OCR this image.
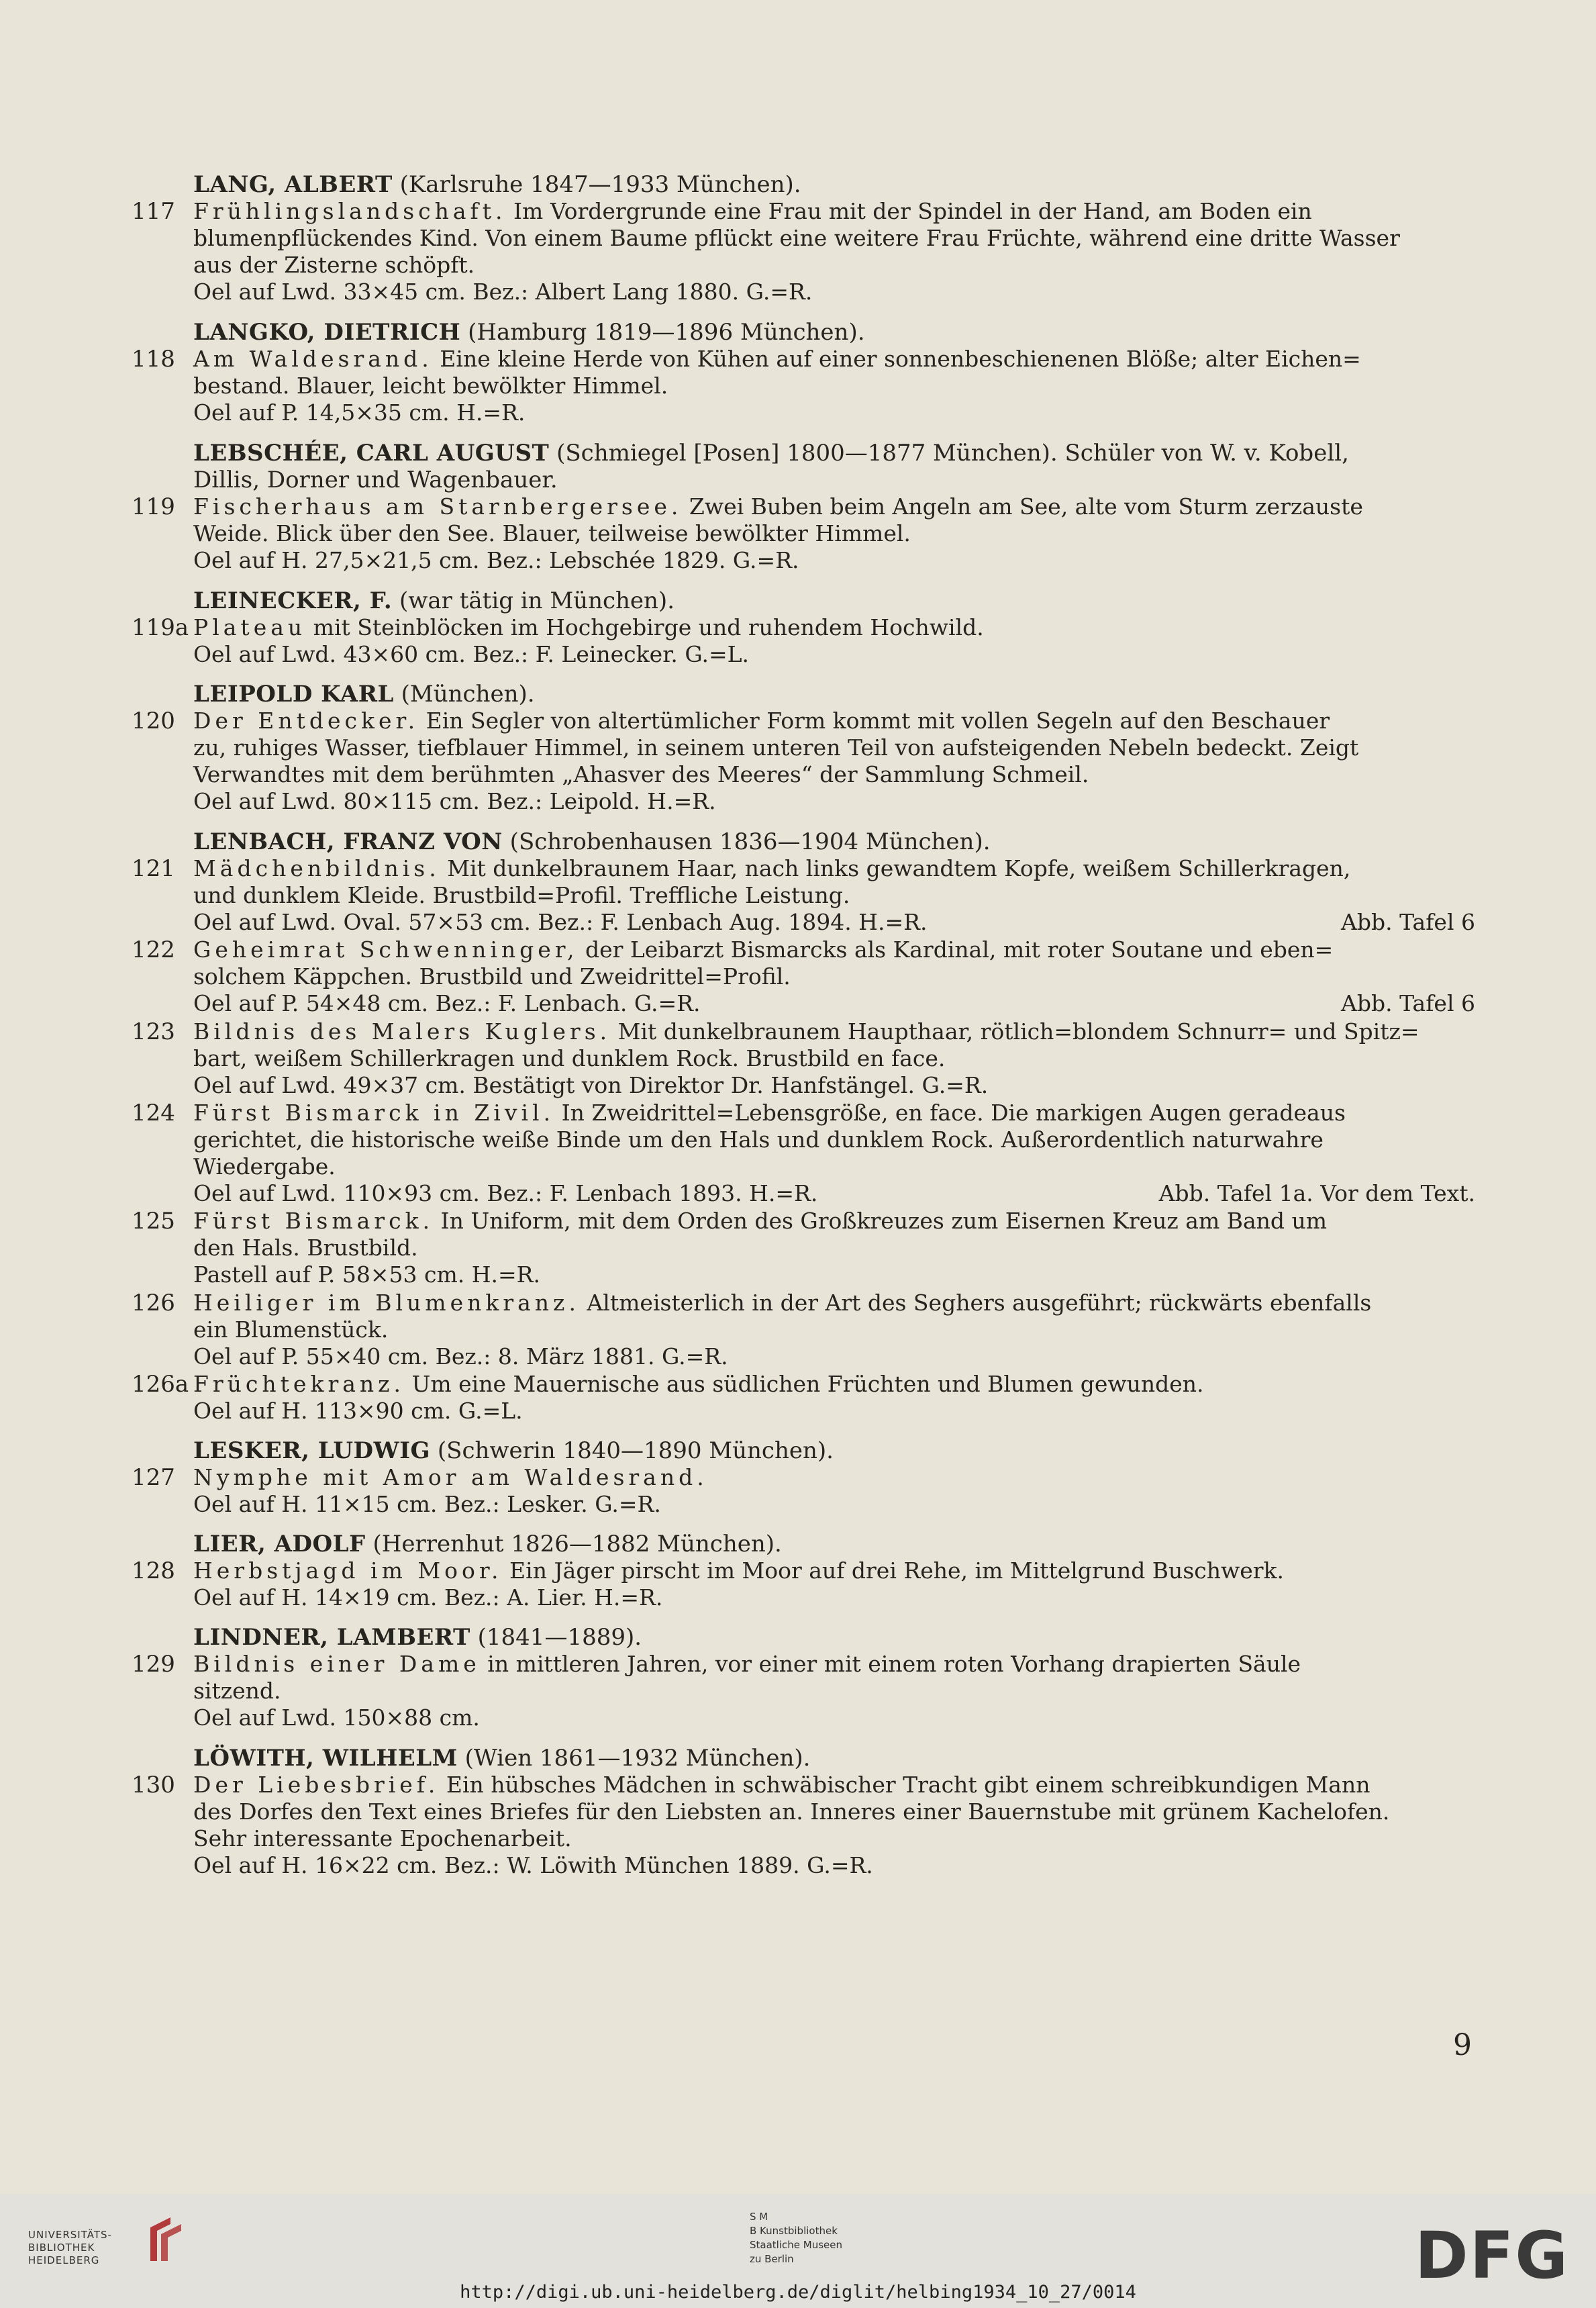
LANG, ALBERT (Karlsruhe 1847—1933 München).
117 Frühlingslandschaft. Im Vordergrunde eine Frau mit der Spindel in der Hand, am Boden ein
blumenpflückendes Kind. Von einem Baume pflückt eine weitere Frau Früchte, während eine dritte Wasser
aus der Zisterne schöpft.
Oel auf Lwd. 33×45 cm. Bez.: Albert Lang 1880. G.=R.
LANGKO, DIETRICH (Hamburg 1819—1896 München).
118 Am Waldesrand. Eine kleine Herde von Kühen auf einer sonnenbeschienenen Blöße; alter Eichen=
bestand. Blauer, leicht bewölkter Himmel.
Oel auf P. 14,5×35 cm. H.=R.
LEBSCHÉE, CARL AUGUST (Schmiegel [Posen] 1800—1877 München). Schüler von W. v. Kobell,
Dillis, Dorner und Wagenbauer.
119 Fischerhaus am Starnbergersee. Zwei Buben beim Angeln am See, alte vom Sturm zerzauste
Weide. Blick über den See. Blauer, teilweise bewölkter Himmel.
Oel auf H. 27,5×21,5 cm. Bez.: Lebschée 1829. G.=R.
LEINECKER, F. (war tätig in München).
119a Plateau mit Steinblöcken im Hochgebirge und ruhendem Hochwild.
Oel auf Lwd. 43×60 cm. Bez.: F. Leinecker. G.=L.
LEIPOLD KARL (München).
120 Der Entdecker. Ein Segler von altertümlicher Form kommt mit vollen Segeln auf den Beschauer
zu, ruhiges Wasser, tiefblauer Himmel, in seinem unteren Teil von aufsteigenden Nebeln bedeckt. Zeigt
Verwandtes mit dem berühmten „Ahasver des Meeres“ der Sammlung Schmeil.
Oel auf Lwd. 80×115 cm. Bez.: Leipold. H.=R.
LENBACH, FRANZ VON (Schrobenhausen 1836—1904 München).
121 Mädchenbildnis. Mit dunkelbraunem Haar, nach links gewandtem Kopfe, weißem Schillerkragen,
und dunklem Kleide. Brustbild=Profil. Treffliche Leistung.
Oel auf Lwd. Oval. 57×53 cm. Bez.: F. Lenbach Aug. 1894. H.=R.	Abb. Tafel 6
122 Geheimrat Schwenninger, der Leibarzt Bismarcks als Kardinal, mit roter Soutane und eben=
solchem Käppchen. Brustbild und Zweidrittel=Profil.
Oel auf P. 54×48 cm. Bez.: F. Lenbach. G.=R.	Abb. Tafel 6
123 Bildnis des Malers Kuglers. Mit dunkelbraunem Haupthaar, rötlich=blondem Schnurr= und Spitz=
bart, weißem Schillerkragen und dunklem Rock. Brustbild en face.
Oel auf Lwd. 49×37 cm. Bestätigt von Direktor Dr. Hanfstängel. G.=R.
124 Fürst Bismarck in Zivil. In Zweidrittel=Lebensgröße, en face. Die markigen Augen geradeaus
gerichtet, die historische weiße Binde um den Hals und dunklem Rock. Außerordentlich naturwahre
Wiedergabe.
Oel auf Lwd. 110×93 cm. Bez.: F. Lenbach 1893. H.=R.	Abb. Tafel 1a. Vor dem Text.
125 Fürst Bismarck. In Uniform, mit dem Orden des Großkreuzes zum Eisernen Kreuz am Band um
den Hals. Brustbild.
Pastell auf P. 58×53 cm. H.=R.
126 Heiliger im Blumenkranz. Altmeisterlich in der Art des Seghers ausgeführt; rückwärts ebenfalls
ein Blumenstück.
Oel auf P. 55×40 cm. Bez.: 8. März 1881. G.=R.
126a Früchtekranz. Um eine Mauernische aus südlichen Früchten und Blumen gewunden.
Oel auf H. 113×90 cm. G.=L.
LESKER, LUDWIG (Schwerin 1840—1890 München).
127 Nymphe mit Amor am Waldesrand.
Oel auf H. 11×15 cm. Bez.: Lesker. G.=R.
LIER, ADOLF (Herrenhut 1826—1882 München).
128 Herbstjagd im Moor. Ein Jäger pirscht im Moor auf drei Rehe, im Mittelgrund Buschwerk.
Oel auf H. 14×19 cm. Bez.: A. Lier. H.=R.
LINDNER, LAMBERT (1841—1889).
129 Bildnis einer Dame in mittleren Jahren, vor einer mit einem roten Vorhang drapierten Säule
sitzend.
Oel auf Lwd. 150×88 cm.
LÖWITH, WILHELM (Wien 1861—1932 München).
130 Der Liebesbrief. Ein hübsches Mädchen in schwäbischer Tracht gibt einem schreibkundigen Mann
des Dorfes den Text eines Briefes für den Liebsten an. Inneres einer Bauernstube mit grünem Kachelofen.
Sehr interessante Epochenarbeit.
Oel auf H. 16×22 cm. Bez.: W. Löwith München 1889. G.=R.
9
UNIVERSITÄTS-
BIBLIOTHEK
HEIDELBERG
S M
B Kunstbibliothek
Staatliche Museen
zu Berlin	DFG
http://digi.ub.uni-heidelberg.de/diglit/helbing1934_10_27/0014
